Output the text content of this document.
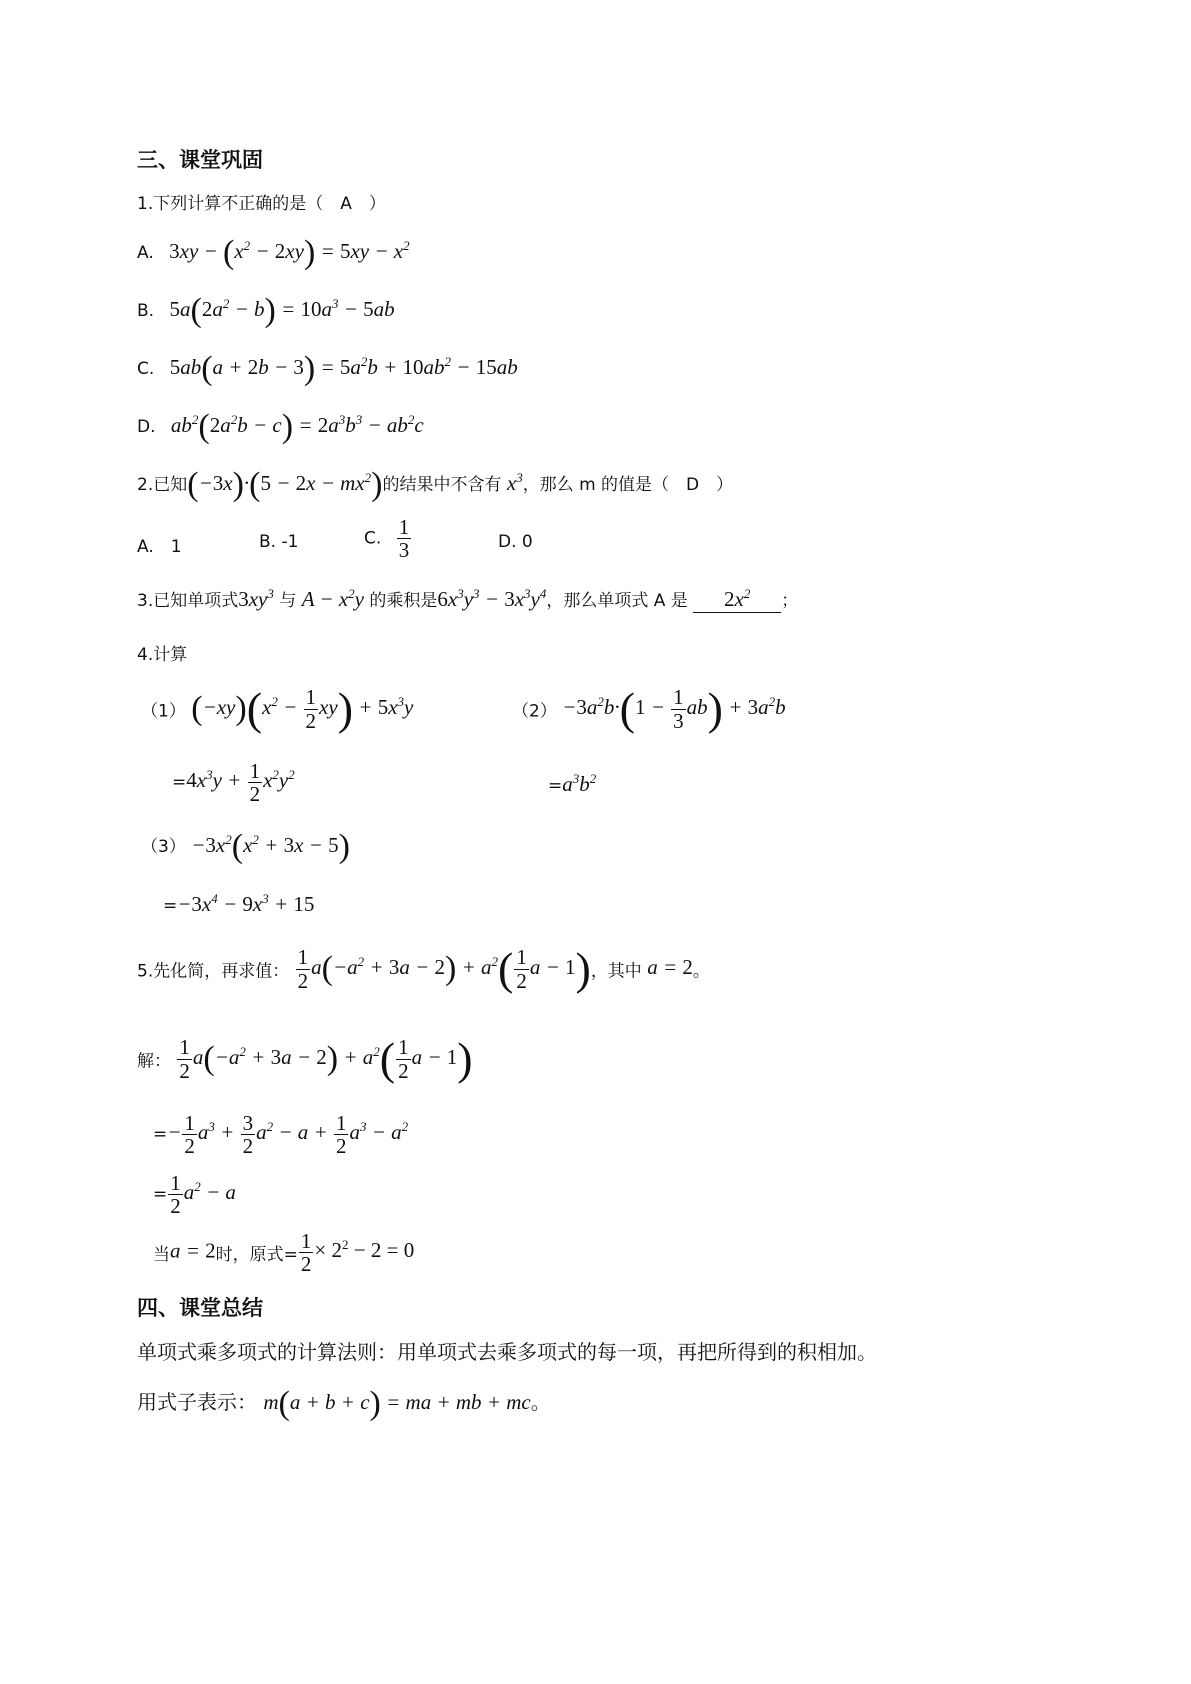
三、课堂巩固
1.下列计算不正确的是（　A　）
A. $3xy - (x^2 - 2xy) = 5xy - x^2$
B. $5a(2a^2 - b) = 10a^3 - 5ab$
C. $5ab(a + 2b - 3) = 5a^2b + 10ab^2 - 15ab$
D. $ab^2(2a^2b - c) = 2a^3b^3 - ab^2c$
2.已知$(-3x)\cdot(5 - 2x - mx^2)$的结果中不含有 $x^3$，那么 m 的值是（　D　）
A.　1	B. -1	C. $\frac{1}{3}$	D. 0
3.已知单项式$3xy^3$ 与 $A - x^2y$ 的乘积是$6x^3y^3 - 3x^3y^4$，那么单项式 A 是 $2x^2$ ；
4.计算
（1） $(-xy)(x^2 - \frac{1}{2} xy) + 5x^3y$	$(2) -3a^2b\cdot(1 - \frac{1}{3} ab) + 3a^2b$
$=4x^3y + \frac{1}{2} x^2y^2$
$=a^3b^2$
$(3) -3x^2(x^2 + 3x - 5)$
$=-3x^4 - 9x^3 + 15$
5.先化简，再求值： $\frac{1}{2} a(-a^2 + 3a - 2) + a^2( \frac{1}{2}$ a − 1)，其中 a = 2。
解： $\frac{1}{2} a(-a^2 + 3a - 2) + a^2( \frac{1}{2}$ a − 1)
=− $\frac{1}{2} a^3 + \frac{3}{2} a^2 - a + \frac{1}{2} a^3 - a^2$
= $\frac{1}{2} a^2 - a$
当a = 2时，原式= $\frac{1}{2} \times 2^2 - 2 = 0$
四、课堂总结
单项式乘多项式的计算法则：用单项式去乘多项式的每一项，再把所得到的积相加。
用式子表示： m(a + b + c) = ma + mb + mc。
